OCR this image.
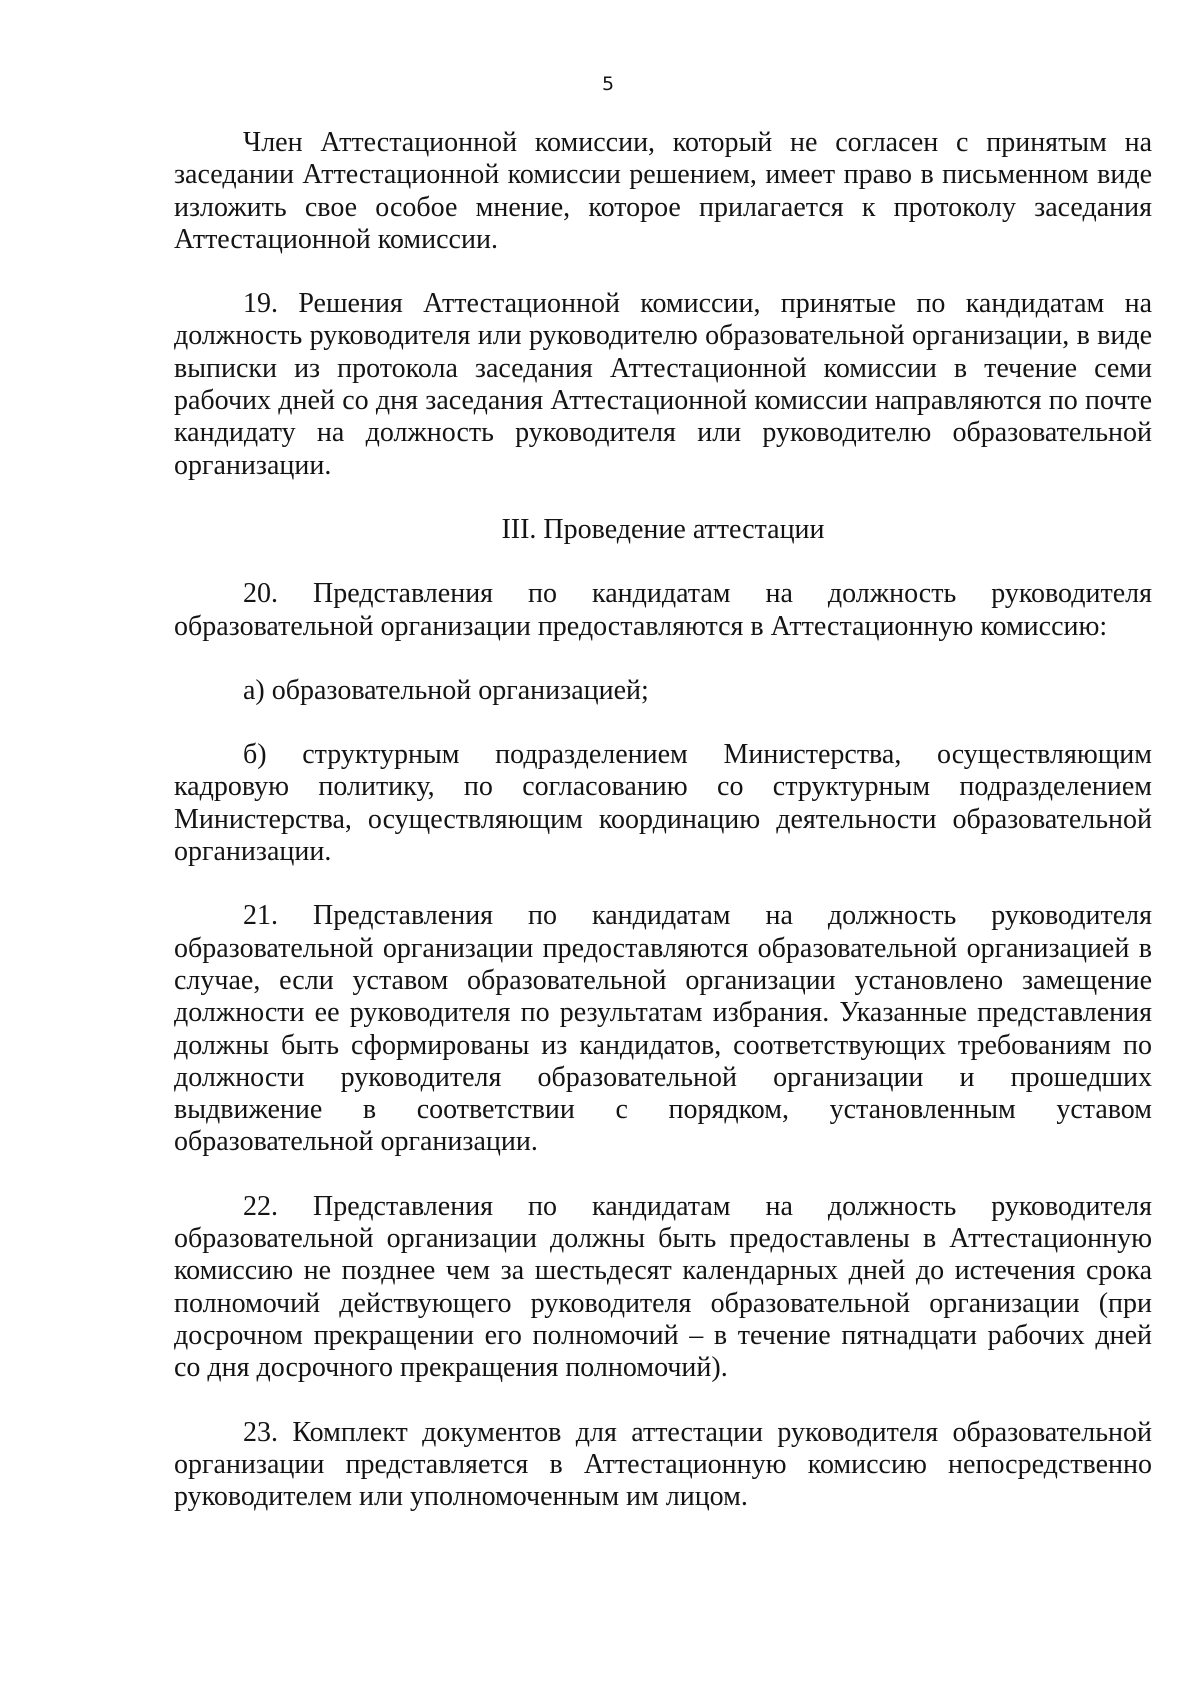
5

Член Аттестационной комиссии, который не согласен с принятым на заседании Аттестационной комиссии решением, имеет право в письменном виде изложить свое особое мнение, которое прилагается к протоколу заседания Аттестационной комиссии.

19. Решения Аттестационной комиссии, принятые по кандидатам на должность руководителя или руководителю образовательной организации, в виде выписки из протокола заседания Аттестационной комиссии в течение семи рабочих дней со дня заседания Аттестационной комиссии направляются по почте кандидату на должность руководителя или руководителю образовательной организации.

III. Проведение аттестации

20. Представления по кандидатам на должность руководителя образовательной организации предоставляются в Аттестационную комиссию:

а) образовательной организацией;

б) структурным подразделением Министерства, осуществляющим кадровую политику, по согласованию со структурным подразделением Министерства, осуществляющим координацию деятельности образовательной организации.

21. Представления по кандидатам на должность руководителя образовательной организации предоставляются образовательной организацией в случае, если уставом образовательной организации установлено замещение должности ее руководителя по результатам избрания. Указанные представления должны быть сформированы из кандидатов, соответствующих требованиям по должности руководителя образовательной организации и прошедших выдвижение в соответствии с порядком, установленным уставом образовательной организации.

22. Представления по кандидатам на должность руководителя образовательной организации должны быть предоставлены в Аттестационную комиссию не позднее чем за шестьдесят календарных дней до истечения срока полномочий действующего руководителя образовательной организации (при досрочном прекращении его полномочий – в течение пятнадцати рабочих дней со дня досрочного прекращения полномочий).

23. Комплект документов для аттестации руководителя образовательной организации представляется в Аттестационную комиссию непосредственно руководителем или уполномоченным им лицом.
